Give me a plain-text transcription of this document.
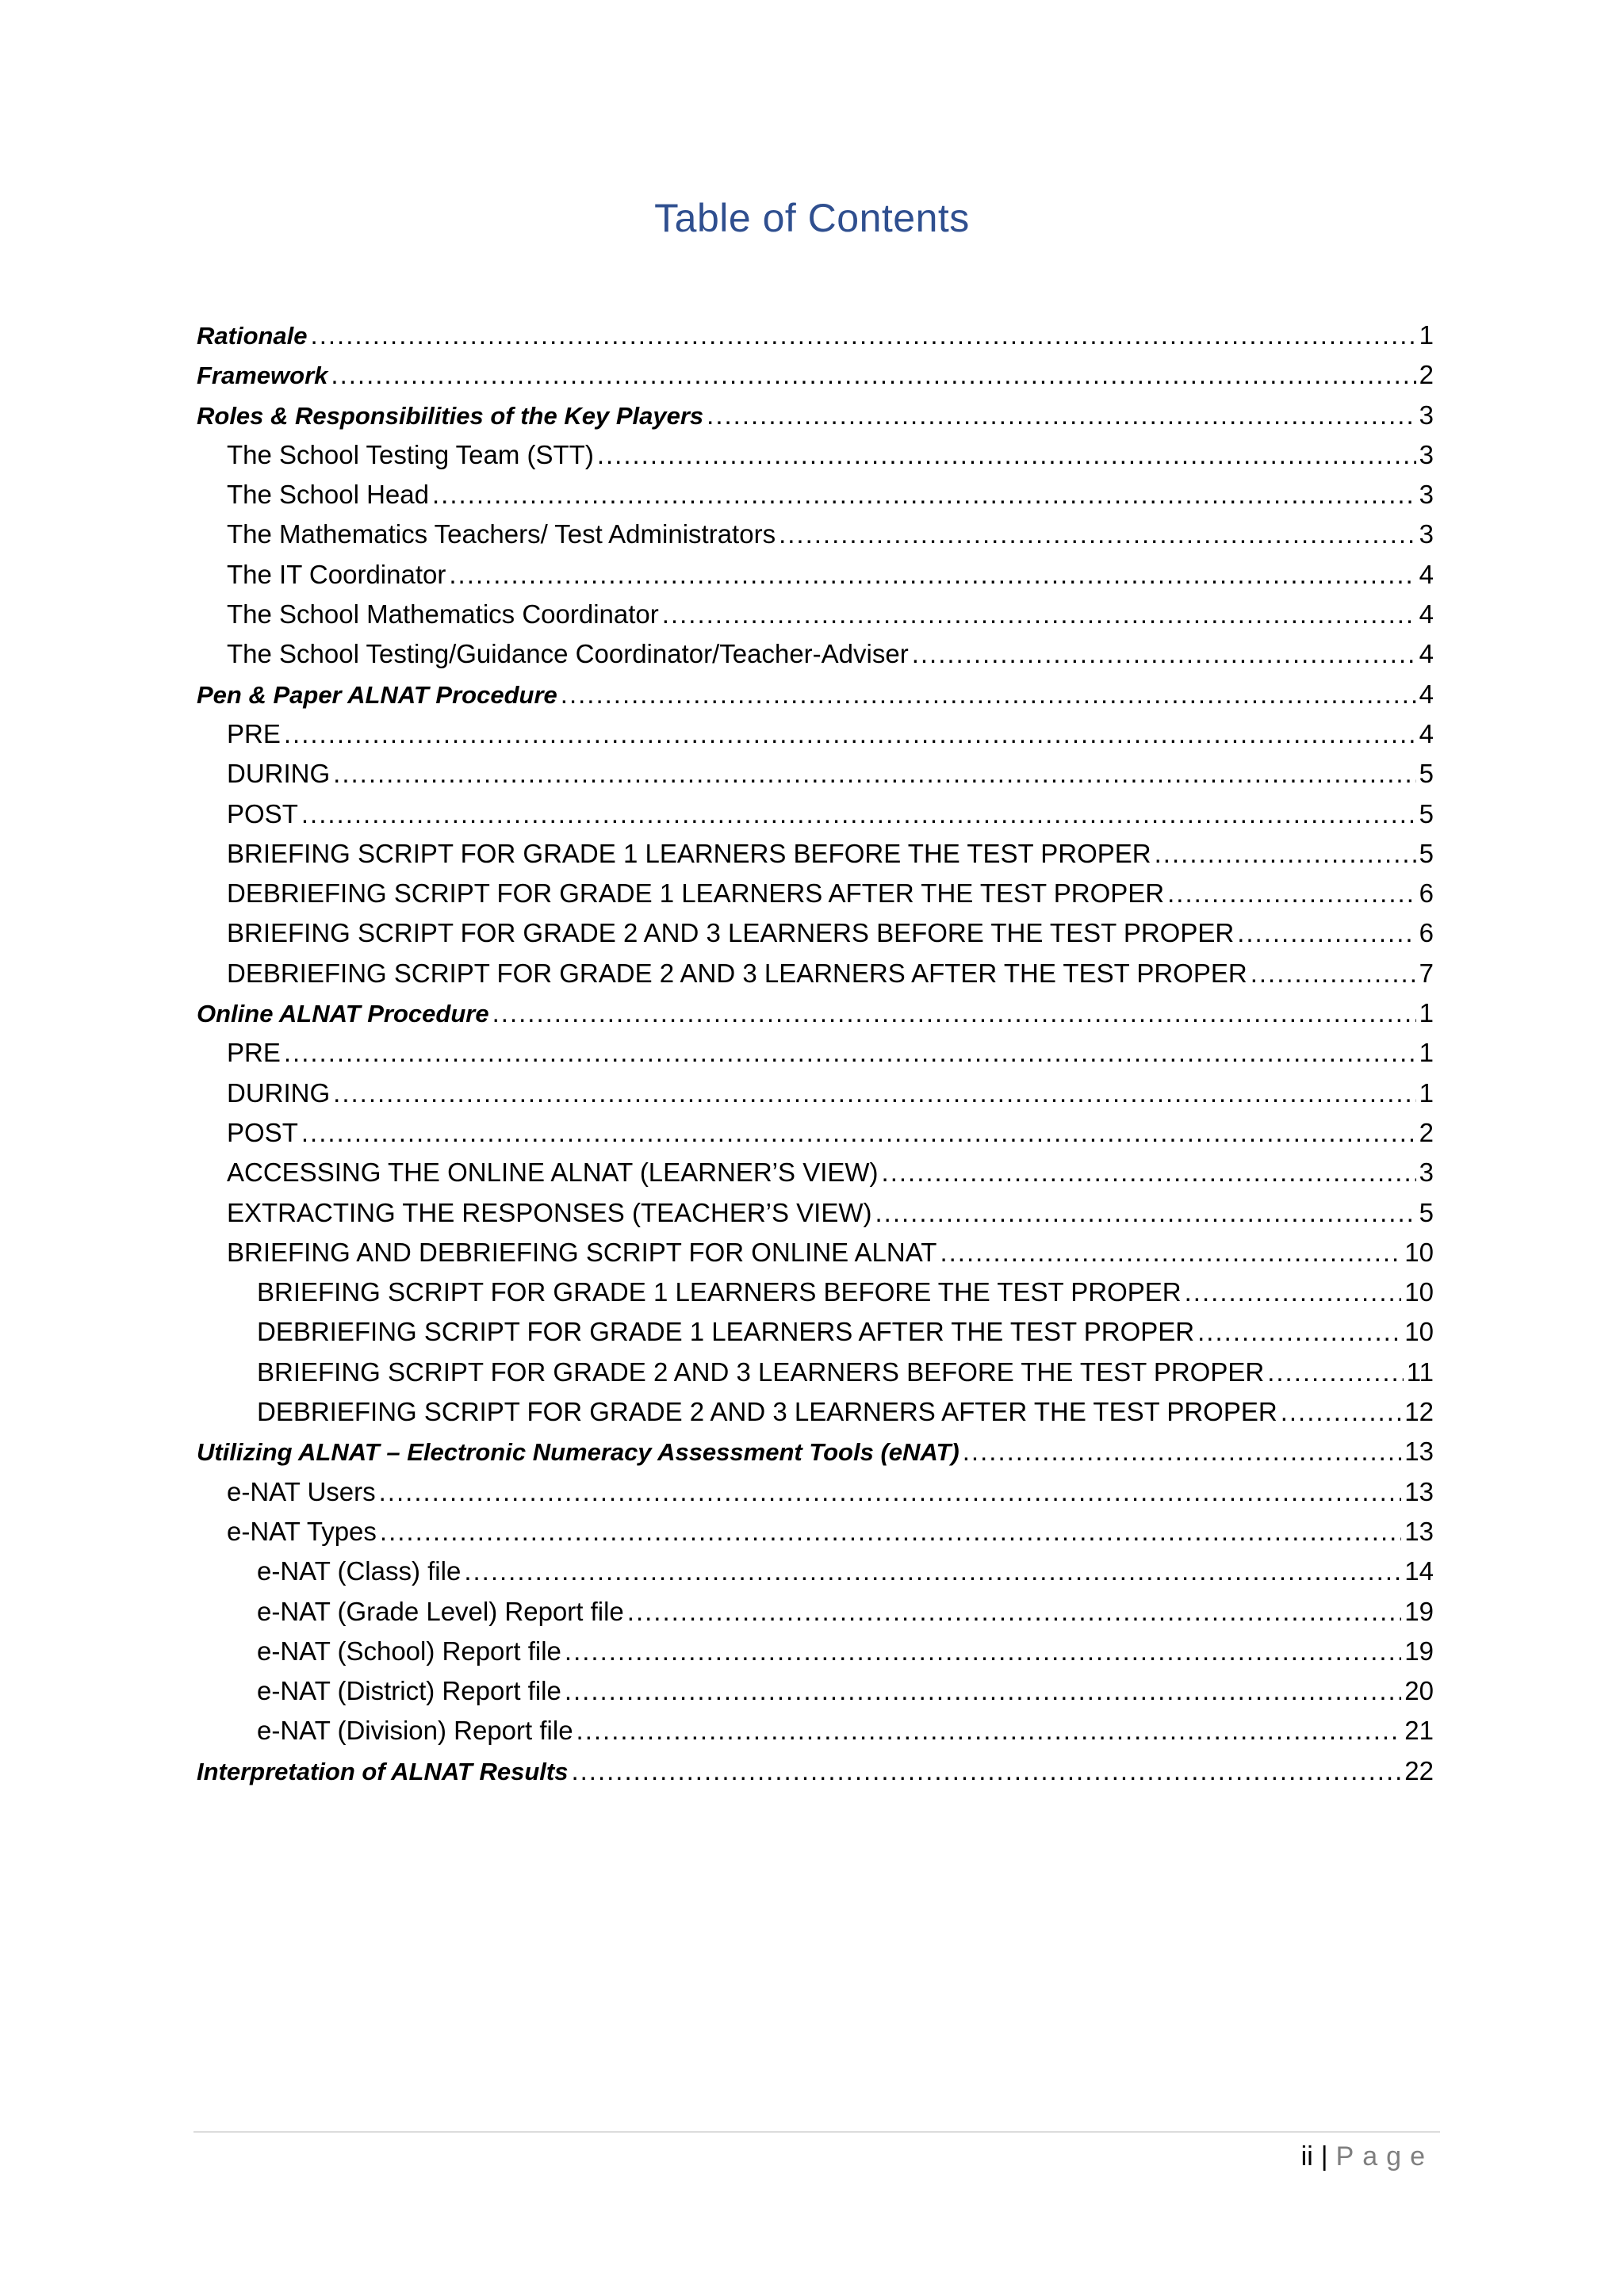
Table of Contents
Rationale .....	1
Framework .....	2
Roles & Responsibilities of the Key Players .....	3
The School Testing Team (STT) .....	3
The School Head .....	3
The Mathematics Teachers/ Test Administrators .....	3
The IT Coordinator .....	4
The School Mathematics Coordinator .....	4
The School Testing/Guidance Coordinator/Teacher-Adviser .....	4
Pen & Paper ALNAT Procedure .....	4
PRE .....	4
DURING .....	5
POST .....	5
BRIEFING SCRIPT FOR GRADE 1 LEARNERS BEFORE THE TEST PROPER .....	5
DEBRIEFING SCRIPT FOR GRADE 1 LEARNERS AFTER THE TEST PROPER .....	6
BRIEFING SCRIPT FOR GRADE 2 AND 3 LEARNERS BEFORE THE TEST PROPER .....	6
DEBRIEFING SCRIPT FOR GRADE 2 AND 3 LEARNERS AFTER THE TEST PROPER .....	7
Online ALNAT Procedure .....	1
PRE .....	1
DURING .....	1
POST .....	2
ACCESSING THE ONLINE ALNAT (LEARNER’S VIEW) .....	3
EXTRACTING THE RESPONSES (TEACHER’S VIEW) .....	5
BRIEFING AND DEBRIEFING SCRIPT FOR ONLINE ALNAT .....	10
BRIEFING SCRIPT FOR GRADE 1 LEARNERS BEFORE THE TEST PROPER .....	10
DEBRIEFING SCRIPT FOR GRADE 1 LEARNERS AFTER THE TEST PROPER .....	10
BRIEFING SCRIPT FOR GRADE 2 AND 3 LEARNERS BEFORE THE TEST PROPER .....	11
DEBRIEFING SCRIPT FOR GRADE 2 AND 3 LEARNERS AFTER THE TEST PROPER .....	12
Utilizing ALNAT – Electronic Numeracy Assessment Tools (eNAT) .....	13
e-NAT Users .....	13
e-NAT Types .....	13
e-NAT (Class) file .....	14
e-NAT (Grade Level) Report file .....	19
e-NAT (School) Report file .....	19
e-NAT (District) Report file .....	20
e-NAT (Division) Report file .....	21
Interpretation of ALNAT Results .....	22
ii | Page
